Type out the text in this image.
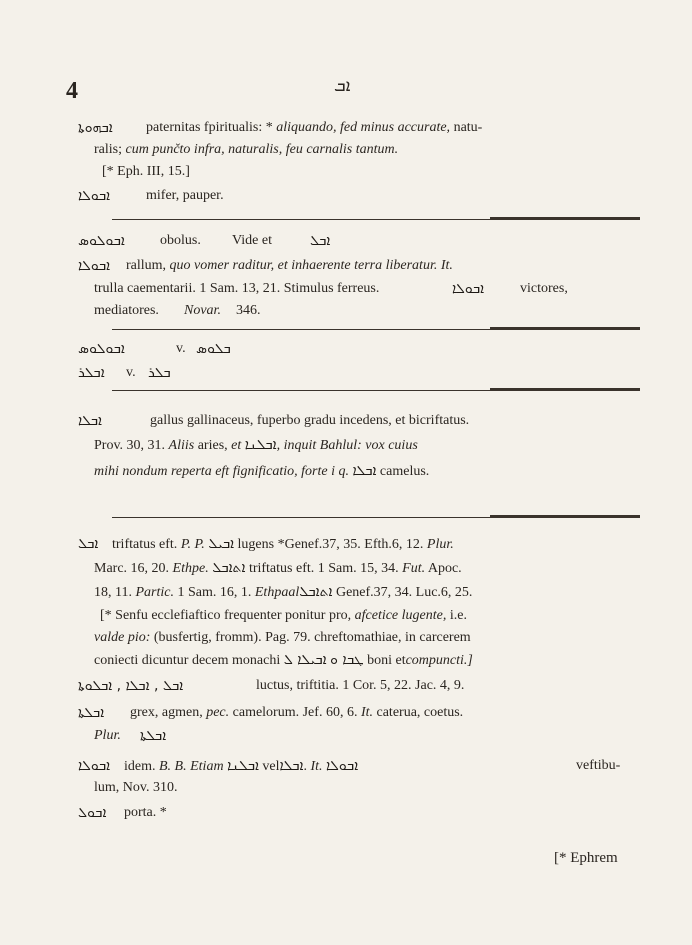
4	ܐܒ
ܐܒܗܘܬܐ paternitas fpiritualis: * aliquando, fed minus accurate, natu-
ralis; cum punčto infra, naturalis, feu carnalis tantum.
[* Eph. III, 15.]
ܐܒܘܠܐ	mifer, pauper.
ܐܒܘܠܘܣ	obolus. Vide et	ܐܒܠ
ܐܒܘܠܐ rallum, quo vomer raditur, et inhaerente terra liberatur. It.
trulla caementarii. 1 Sam. 13, 21. Stimulus ferreus.	ܐܒܘܠܐ	victores,
mediatores. Novar. 346.
ܐܒܘܠܘܣ	v. ܒܠܘܣ
ܐܒܠܪ v. ܒܠܪ
ܐܒܠܐ	gallus gallinaceus, fuperbo gradu incedens, et bicriftatus.
Prov. 30, 31. Aliis aries, et ܐܒܠܢܐ, inquit Bahlul: vox cuius
mihi nondum reperta eft fignificatio, forte i q. ܐܒܠܐ camelus.
ܐܒܠ triftatus eft. P. P. ܐܒܝܠ lugens *Genef.37, 35. Efth.6, 12. Plur.
Marc. 16, 20. Ethpe. ܐܬܐܒܠ triftatus eft. 1 Sam. 15, 34. Fut. Apoc.
18, 11. Partic. 1 Sam. 16, 1. Ethpaalܐܬܐܒܠ Genef.37, 34. Luc.6, 25.
[* Senfu ecclefiaftico frequenter ponitur pro, afcetice lugente, i.e.
valde pio: (busfertig, fromm). Pag. 79. chreftomathiae, in carcerem
coniecti dicuntur decem monachi	ܛܒܐ ܘ ܐܒܝܠܐ ܠ	boni etcompuncti.]
ܐܒܠ , ܐܒܠܐ , ܐܒܠܘܬܐ	luctus, triftitia. 1 Cor. 5, 22. Jac. 4, 9.
ܐܒܠܬܐ grex, agmen, pec. camelorum. Jef. 60, 6. It. caterua, coetus.
Plur. ܐܒܠܬܐ
ܐܒܘܠܐ idem. B. B. Etiam ܐܒܠܢܐ velܐܒܠܐ. It. ܐܒܘܠܐ	veftibu-
lum, Nov. 310.
ܐܒܘܠ porta. *
[* Ephrem
